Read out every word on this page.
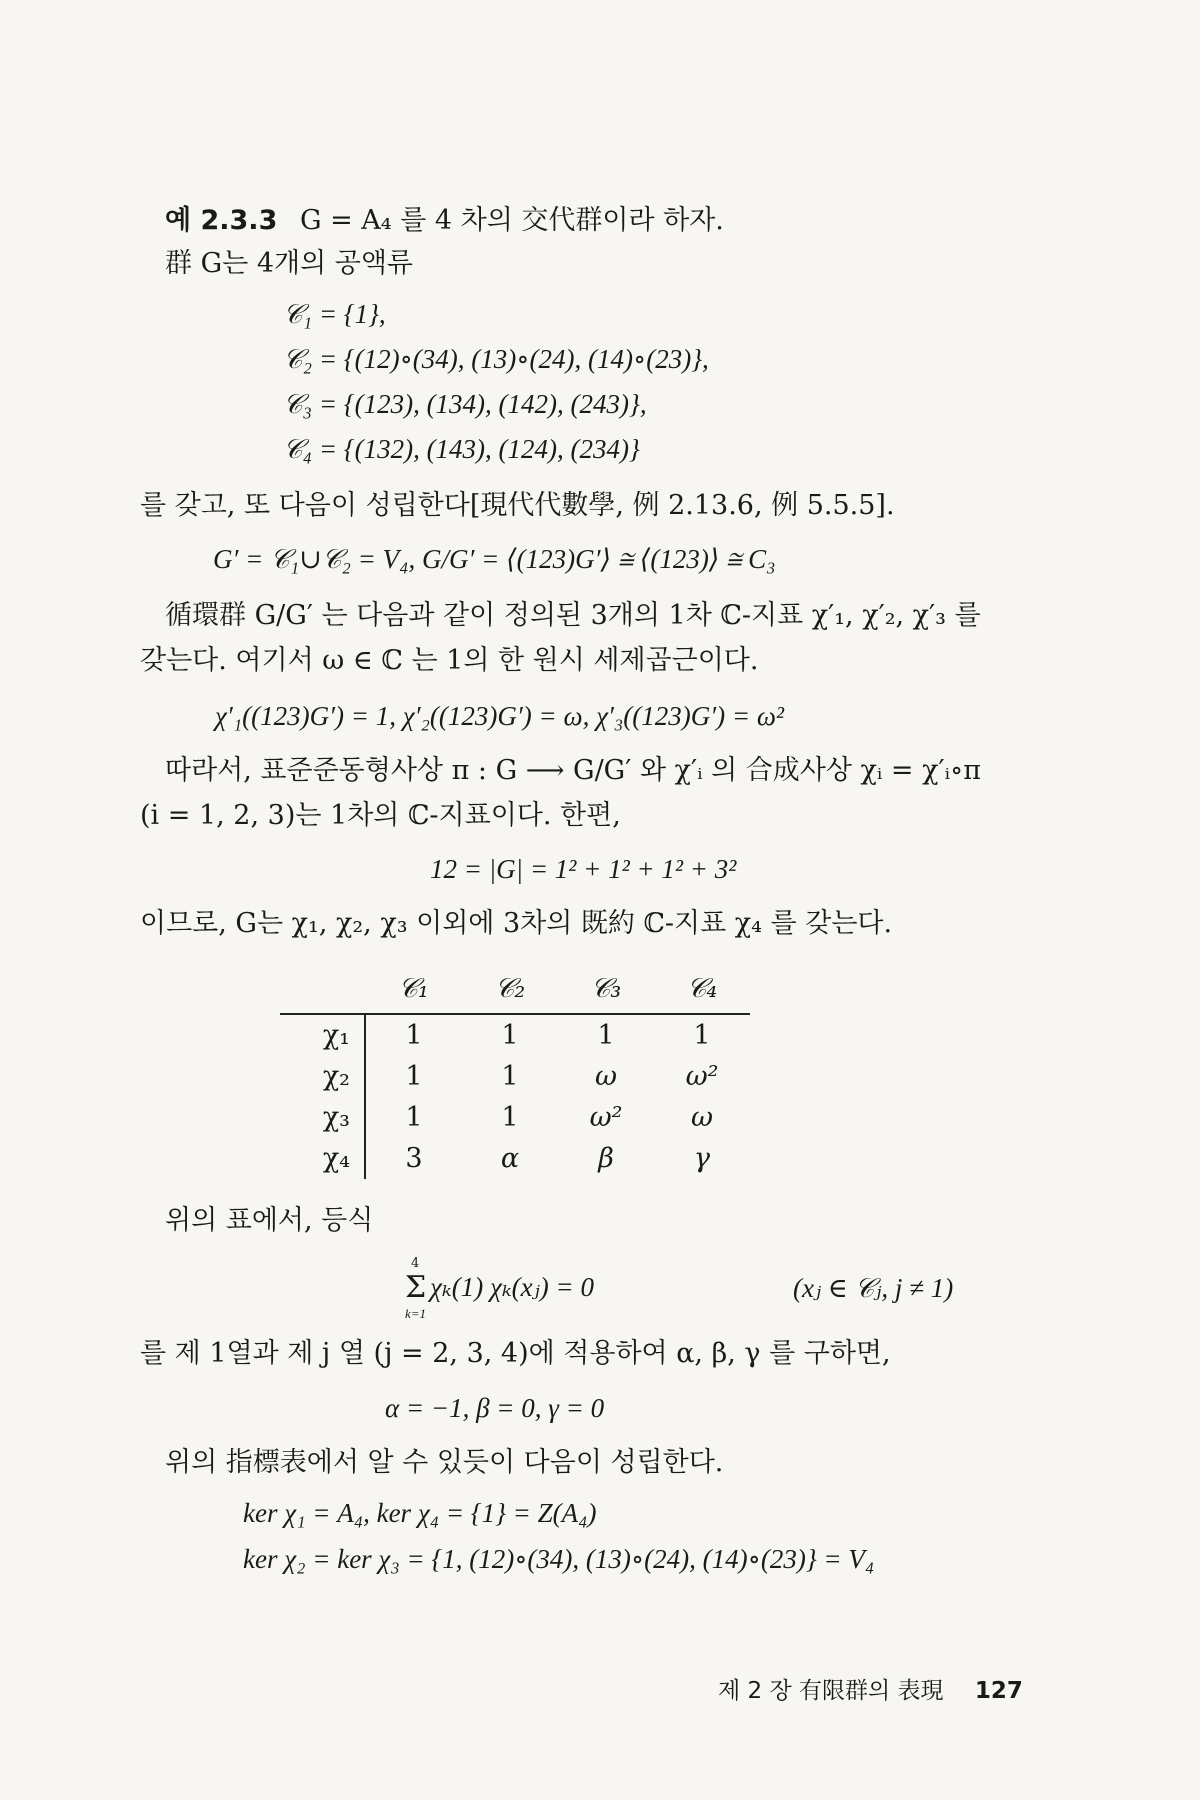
예 2.3.3 G = A₄ 를 4 차의 交代群이라 하자.
群 G는 4개의 공액류
𝒞₁ = {1},
𝒞₂ = {(12)∘(34), (13)∘(24), (14)∘(23)},
𝒞₃ = {(123), (134), (142), (243)},
𝒞₄ = {(132), (143), (124), (234)}
를 갖고, 또 다음이 성립한다[現代代數學, 例 2.13.6, 例 5.5.5].
G′ = 𝒞₁∪𝒞₂ = V₄, G/G′ = ⟨(123)G′⟩ ≅ ⟨(123)⟩ ≅ C₃
循環群 G/G′ 는 다음과 같이 정의된 3개의 1차 ℂ-지표 χ′₁, χ′₂, χ′₃ 를
갖는다. 여기서 ω ∈ ℂ 는 1의 한 원시 세제곱근이다.
χ′₁((123)G′) = 1, χ′₂((123)G′) = ω, χ′₃((123)G′) = ω²
따라서, 표준준동형사상 π : G ⟶ G/G′ 와 χ′ᵢ 의 合成사상 χᵢ = χ′ᵢ∘π
(i = 1, 2, 3)는 1차의 ℂ-지표이다. 한편,
12 = |G| = 1² + 1² + 1² + 3²
이므로, G는 χ₁, χ₂, χ₃ 이외에 3차의 既約 ℂ-지표 χ₄ 를 갖는다.
	𝒞₁	𝒞₂	𝒞₃	𝒞₄
χ₁	1	1	1	1
χ₂	1	1	ω	ω²
χ₃	1	1	ω²	ω
χ₄	3	α	β	γ
위의 표에서, 등식
4
Σ
k=1
χₖ(1) χₖ(xⱼ) = 0	(xⱼ ∈ 𝒞ⱼ, j ≠ 1)
를 제 1열과 제 j 열 (j = 2, 3, 4)에 적용하여 α, β, γ 를 구하면,
α = −1, β = 0, γ = 0
위의 指標表에서 알 수 있듯이 다음이 성립한다.
ker χ₁ = A₄, ker χ₄ = {1} = Z(A₄)
ker χ₂ = ker χ₃ = {1, (12)∘(34), (13)∘(24), (14)∘(23)} = V₄
제 2 장 有限群의 表現 127
